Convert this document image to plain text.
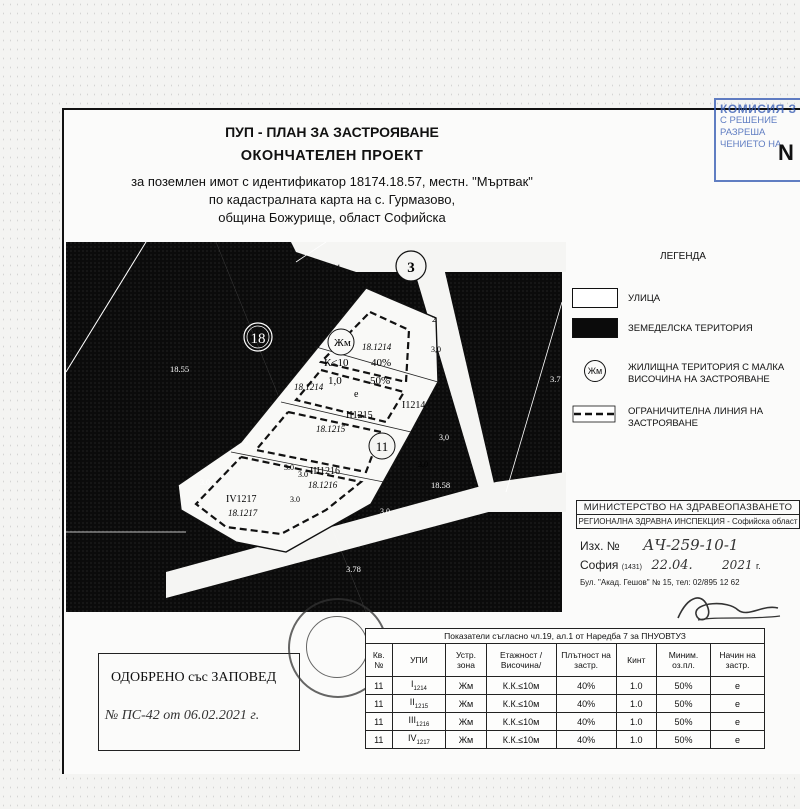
ПУП - ПЛАН ЗА ЗАСТРОЯВАНЕ
ОКОНЧАТЕЛЕН ПРОЕКТ
за поземлен имот с идентификатор 18174.18.57, местн. "Мъртвак"
по кадастралната карта на с. Гурмазово,
община Божурище, област Софийска
КОМИСИЯ З
С РЕШЕНИЕ
РАЗРЕША
ЧЕНИЕТО НА
N
3
18
11
18.34
18.55
18.58
3.78
3.7
Жм 18.1214
К<10 40%
1,0	50%
18.1214
e
I1214
II1215
18.1215
III1216
18.1216
IV1217
18.1217
3,0
3,0
3,0
3.0
3.0
3.0
3.0
3.0
1
2
3
ЛЕГЕНДА
УЛИЦА
ЗЕМЕДЕЛСКА ТЕРИТОРИЯ
Жм	ЖИЛИЩНА ТЕРИТОРИЯ С МАЛКА ВИСОЧИНА НА ЗАСТРОЯВАНЕ
ОГРАНИЧИТЕЛНА ЛИНИЯ НА ЗАСТРОЯВАНЕ
МИНИСТЕРСТВО НА ЗДРАВЕОПАЗВАНЕТО
РЕГИОНАЛНА ЗДРАВНА ИНСПЕКЦИЯ - Софийска област
Изх. № АЧ-259-10-1
София (1431) 22.04. 2021 г.
Бул. "Акад. Гешов" № 15, тел: 02/895 12 62
ОДОБРЕНО със ЗАПОВЕД
№ ПС-42 от 06.02.2021 г.
Показатели съгласно чл.19, ал.1 от Наредба 7 за ПНУОВТУЗ							
Кв. №	УПИ	Устр. зона	Етажност /Височина/	Плътност на застр.	Кинт	Миним. оз.пл.	Начин на застр.
11	$I_{1214}$	Жм	К.К.≤10м	40%	1.0	50%	е
11	$II_{1215}$	Жм	К.К.≤10м	40%	1.0	50%	е
11	$III_{1216}$	Жм	К.К.≤10м	40%	1.0	50%	е
11	$IV_{1217}$	Жм	К.К.≤10м	40%	1.0	50%	е
